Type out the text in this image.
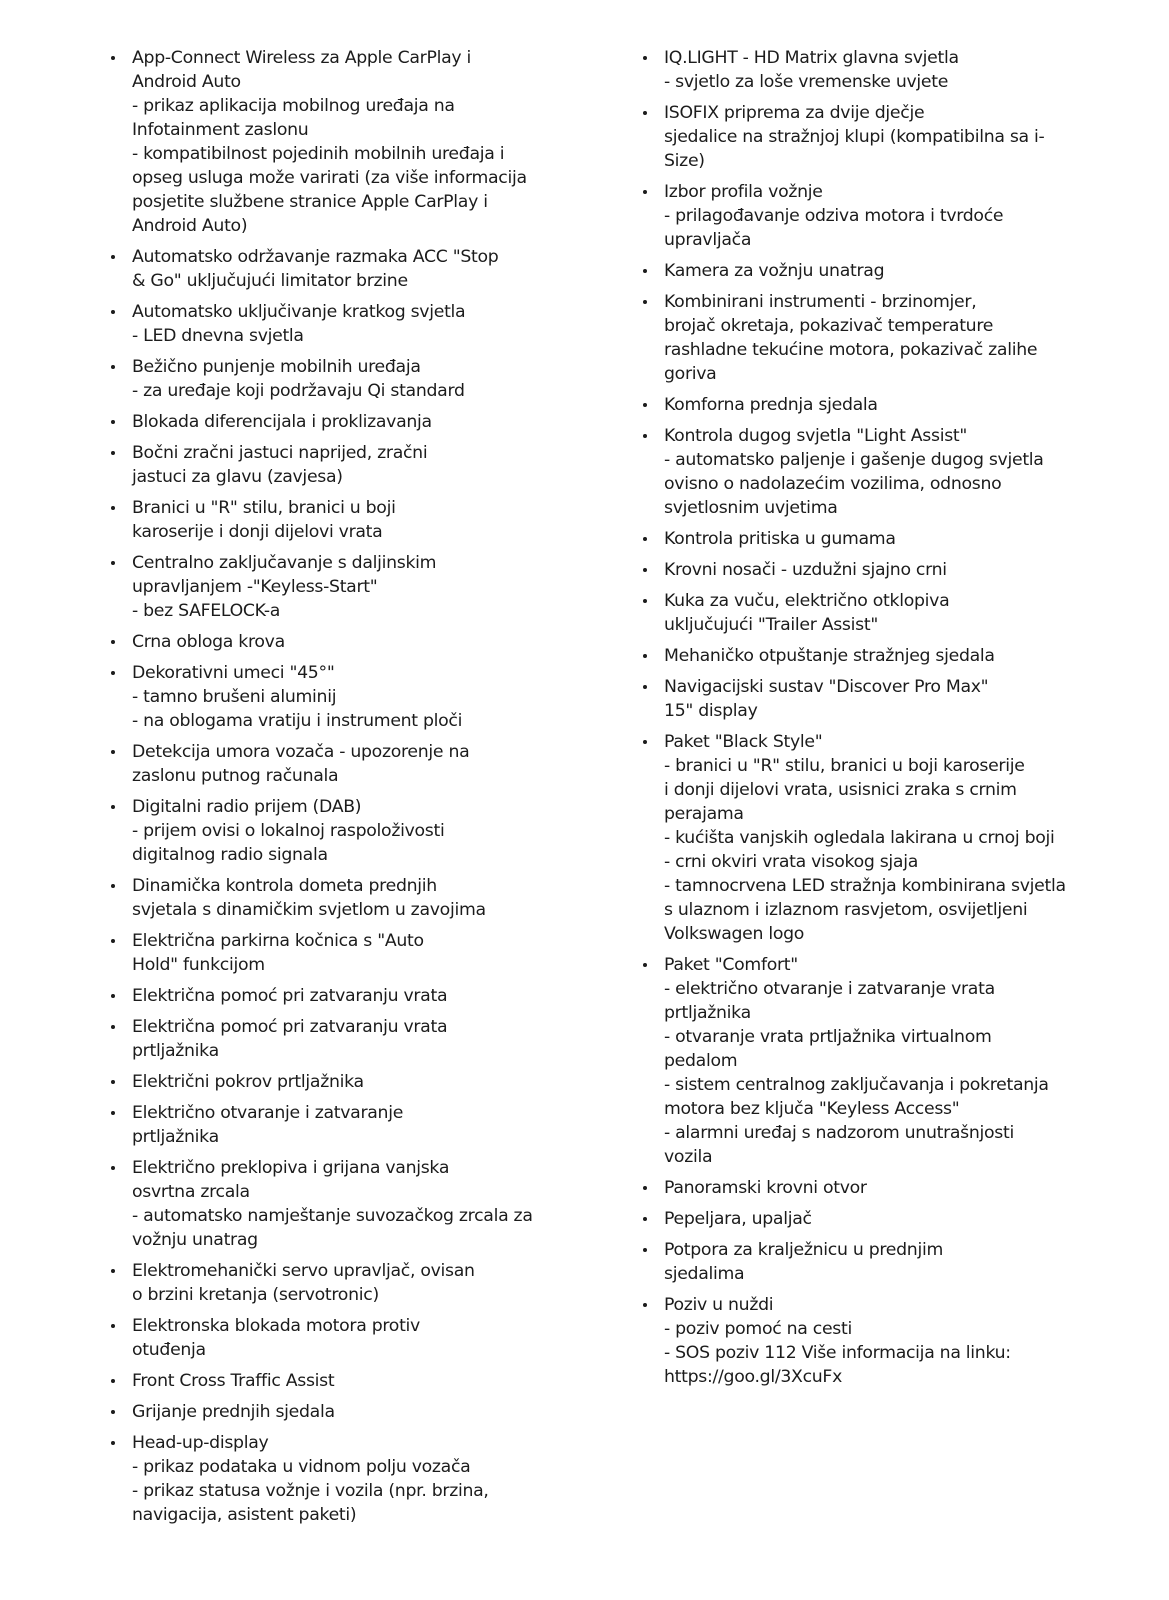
App-Connect Wireless za Apple CarPlay i
Android Auto
- prikaz aplikacija mobilnog uređaja na
Infotainment zaslonu
- kompatibilnost pojedinih mobilnih uređaja i
opseg usluga može varirati (za više informacija
posjetite službene stranice Apple CarPlay i
Android Auto)
Automatsko održavanje razmaka ACC "Stop
& Go" uključujući limitator brzine
Automatsko uključivanje kratkog svjetla
- LED dnevna svjetla
Bežično punjenje mobilnih uređaja
- za uređaje koji podržavaju Qi standard
Blokada diferencijala i proklizavanja
Bočni zračni jastuci naprijed, zračni
jastuci za glavu (zavjesa)
Branici u "R" stilu, branici u boji
karoserije i donji dijelovi vrata
Centralno zaključavanje s daljinskim
upravljanjem -"Keyless-Start"
- bez SAFELOCK-a
Crna obloga krova
Dekorativni umeci "45°"
- tamno brušeni aluminij
- na oblogama vratiju i instrument ploči
Detekcija umora vozača - upozorenje na
zaslonu putnog računala
Digitalni radio prijem (DAB)
- prijem ovisi o lokalnoj raspoloživosti
digitalnog radio signala
Dinamička kontrola dometa prednjih
svjetala s dinamičkim svjetlom u zavojima
Električna parkirna kočnica s "Auto
Hold" funkcijom
Električna pomoć pri zatvaranju vrata
Električna pomoć pri zatvaranju vrata
prtljažnika
Električni pokrov prtljažnika
Električno otvaranje i zatvaranje
prtljažnika
Električno preklopiva i grijana vanjska
osvrtna zrcala
- automatsko namještanje suvozačkog zrcala za
vožnju unatrag
Elektromehanički servo upravljač, ovisan
o brzini kretanja (servotronic)
Elektronska blokada motora protiv
otuđenja
Front Cross Traffic Assist
Grijanje prednjih sjedala
Head-up-display
- prikaz podataka u vidnom polju vozača
- prikaz statusa vožnje i vozila (npr. brzina,
navigacija, asistent paketi)
IQ.LIGHT - HD Matrix glavna svjetla
- svjetlo za loše vremenske uvjete
ISOFIX priprema za dvije dječje
sjedalice na stražnjoj klupi (kompatibilna sa i-
Size)
Izbor profila vožnje
- prilagođavanje odziva motora i tvrdoće
upravljača
Kamera za vožnju unatrag
Kombinirani instrumenti - brzinomjer,
brojač okretaja, pokazivač temperature
rashladne tekućine motora, pokazivač zalihe
goriva
Komforna prednja sjedala
Kontrola dugog svjetla "Light Assist"
- automatsko paljenje i gašenje dugog svjetla
ovisno o nadolazećim vozilima, odnosno
svjetlosnim uvjetima
Kontrola pritiska u gumama
Krovni nosači - uzdužni sjajno crni
Kuka za vuču, električno otklopiva
uključujući "Trailer Assist"
Mehaničko otpuštanje stražnjeg sjedala
Navigacijski sustav "Discover Pro Max"
15" display
Paket "Black Style"
- branici u "R" stilu, branici u boji karoserije
i donji dijelovi vrata, usisnici zraka s crnim
perajama
- kućišta vanjskih ogledala lakirana u crnoj boji
- crni okviri vrata visokog sjaja
- tamnocrvena LED stražnja kombinirana svjetla
s ulaznom i izlaznom rasvjetom, osvijetljeni
Volkswagen logo
Paket "Comfort"
- električno otvaranje i zatvaranje vrata
prtljažnika
- otvaranje vrata prtljažnika virtualnom
pedalom
- sistem centralnog zaključavanja i pokretanja
motora bez ključa "Keyless Access"
- alarmni uređaj s nadzorom unutrašnjosti
vozila
Panoramski krovni otvor
Pepeljara, upaljač
Potpora za kralježnicu u prednjim
sjedalima
Poziv u nuždi
- poziv pomoć na cesti
- SOS poziv 112 Više informacija na linku:
https://goo.gl/3XcuFx
